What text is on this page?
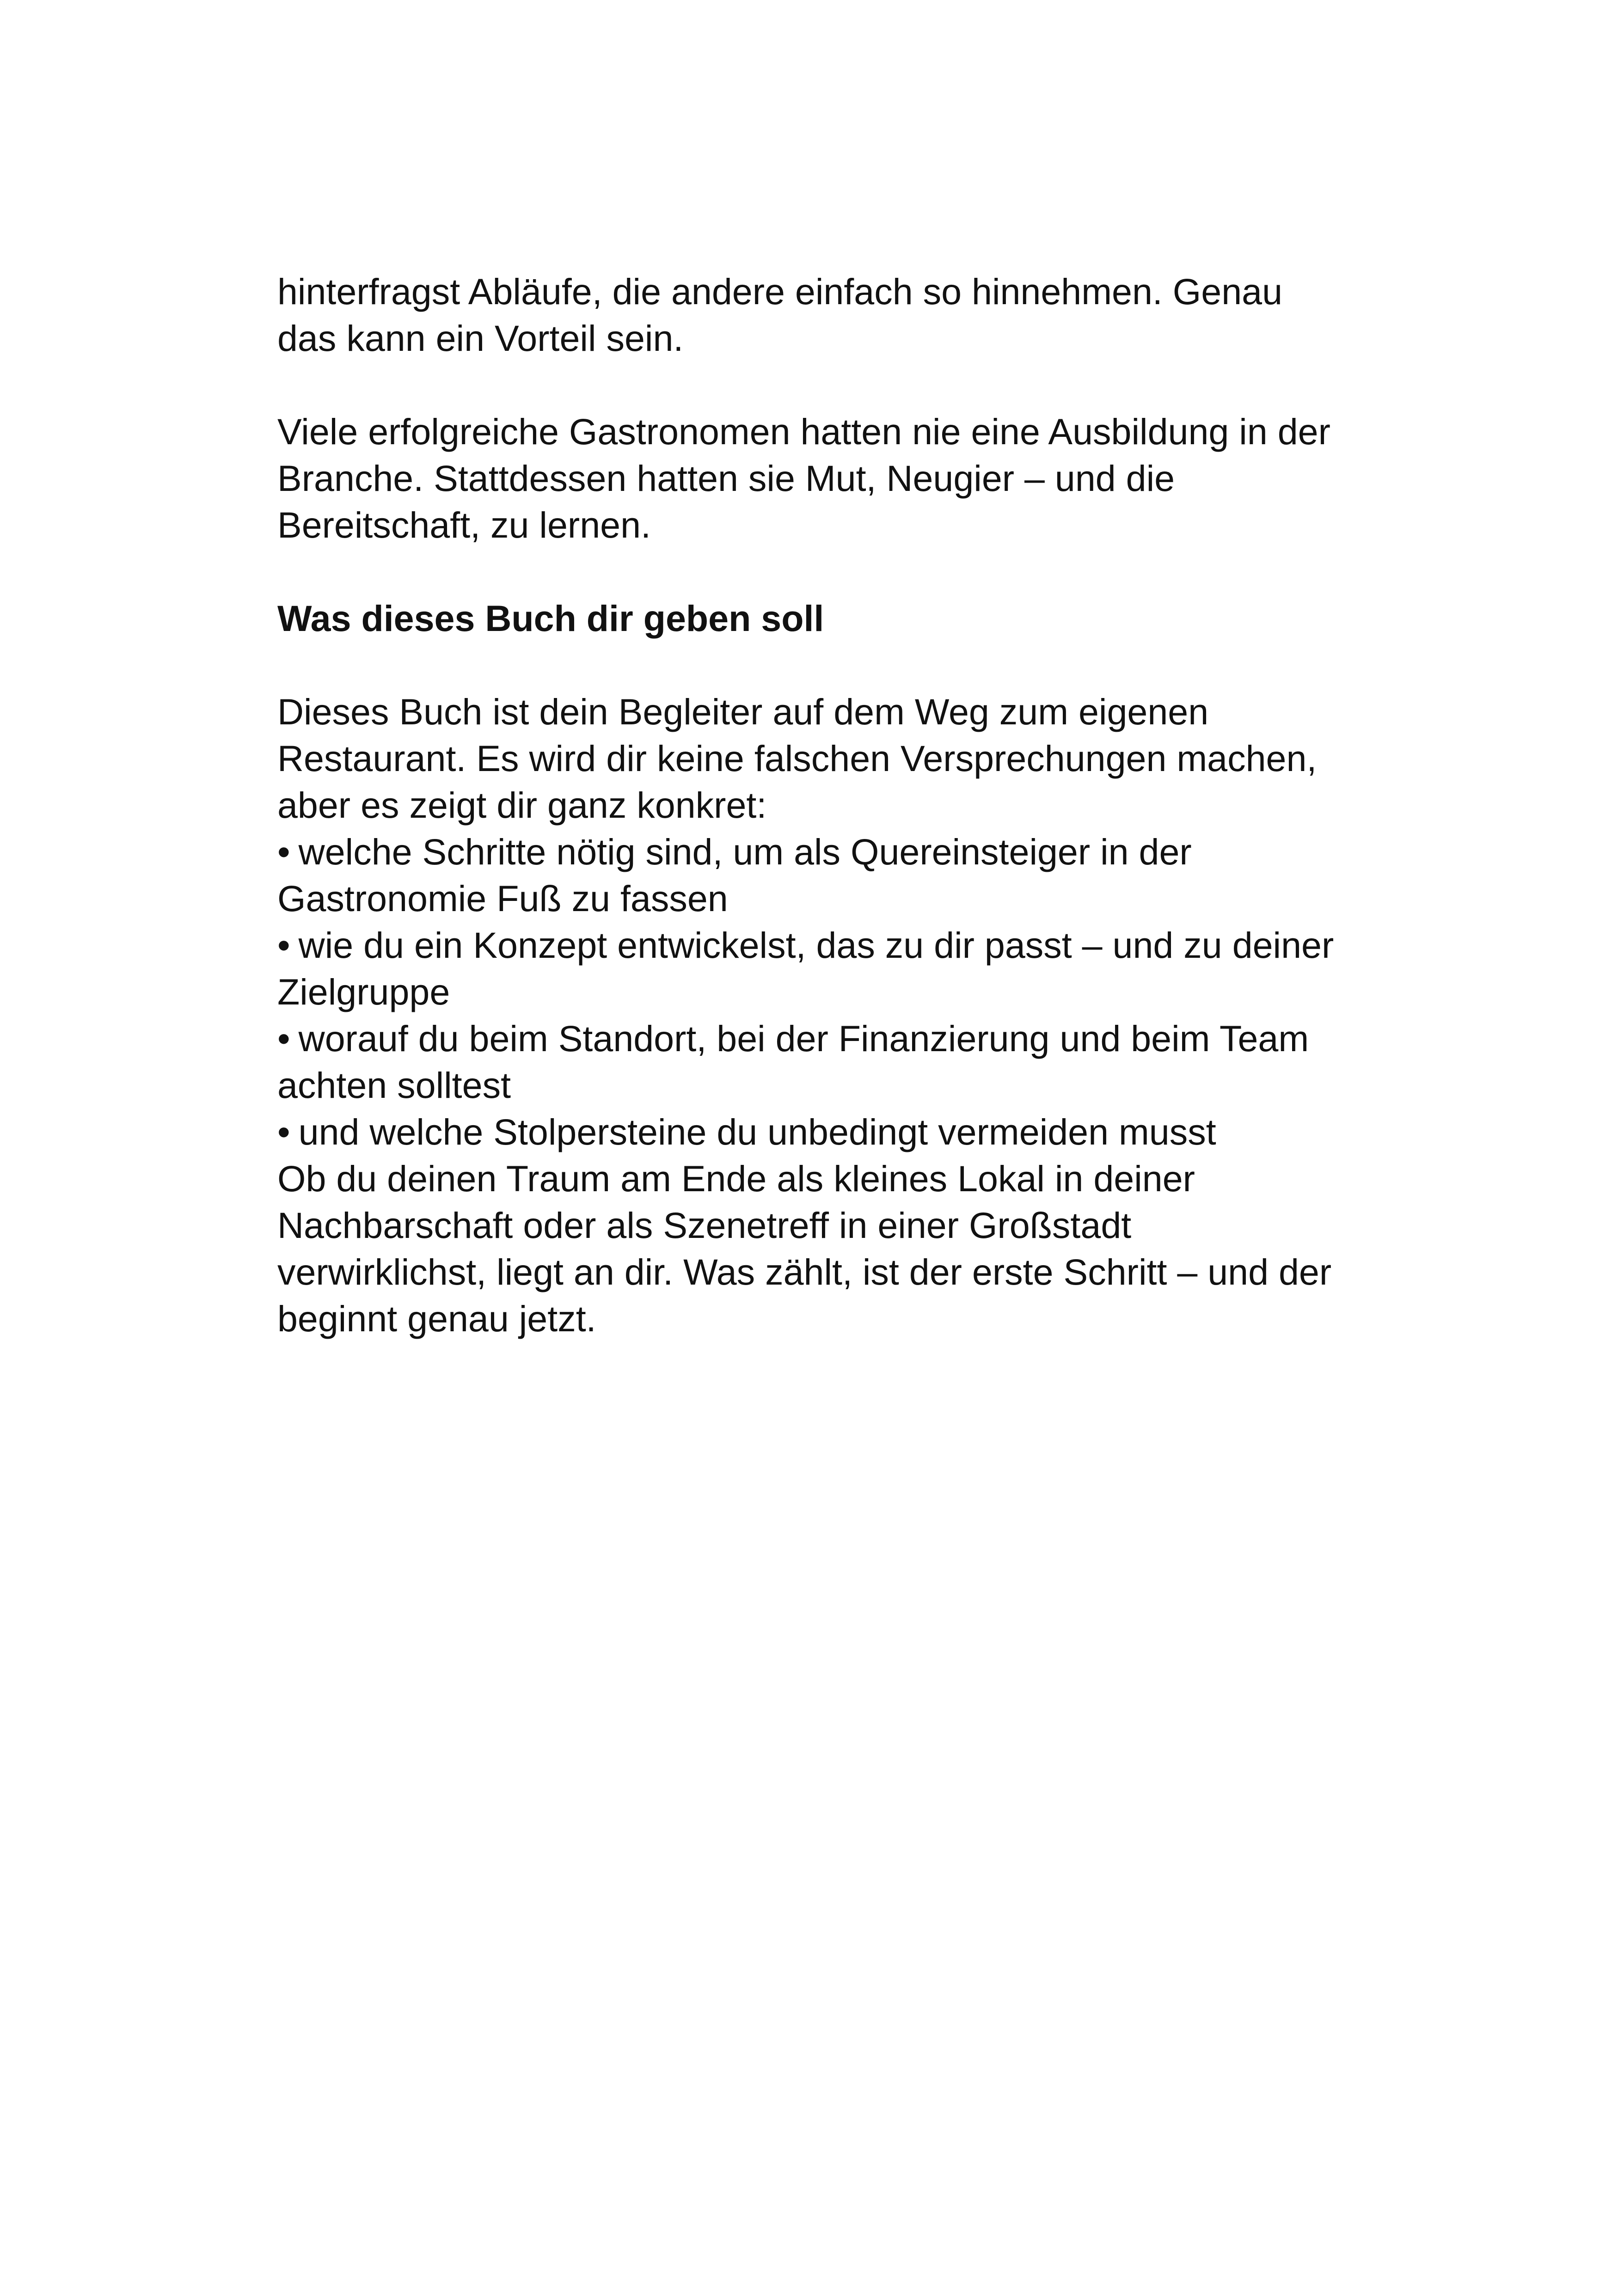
hinterfragst Abläufe, die andere einfach so hinnehmen. Genau das kann ein Vorteil sein.

Viele erfolgreiche Gastronomen hatten nie eine Ausbildung in der Branche. Stattdessen hatten sie Mut, Neugier – und die Bereitschaft, zu lernen.

Was dieses Buch dir geben soll

Dieses Buch ist dein Begleiter auf dem Weg zum eigenen Restaurant. Es wird dir keine falschen Versprechungen machen, aber es zeigt dir ganz konkret:

• welche Schritte nötig sind, um als Quereinsteiger in der Gastronomie Fuß zu fassen
• wie du ein Konzept entwickelst, das zu dir passt – und zu deiner Zielgruppe
• worauf du beim Standort, bei der Finanzierung und beim Team achten solltest
• und welche Stolpersteine du unbedingt vermeiden musst

Ob du deinen Traum am Ende als kleines Lokal in deiner Nachbarschaft oder als Szenetreff in einer Großstadt verwirklichst, liegt an dir. Was zählt, ist der erste Schritt – und der beginnt genau jetzt.
